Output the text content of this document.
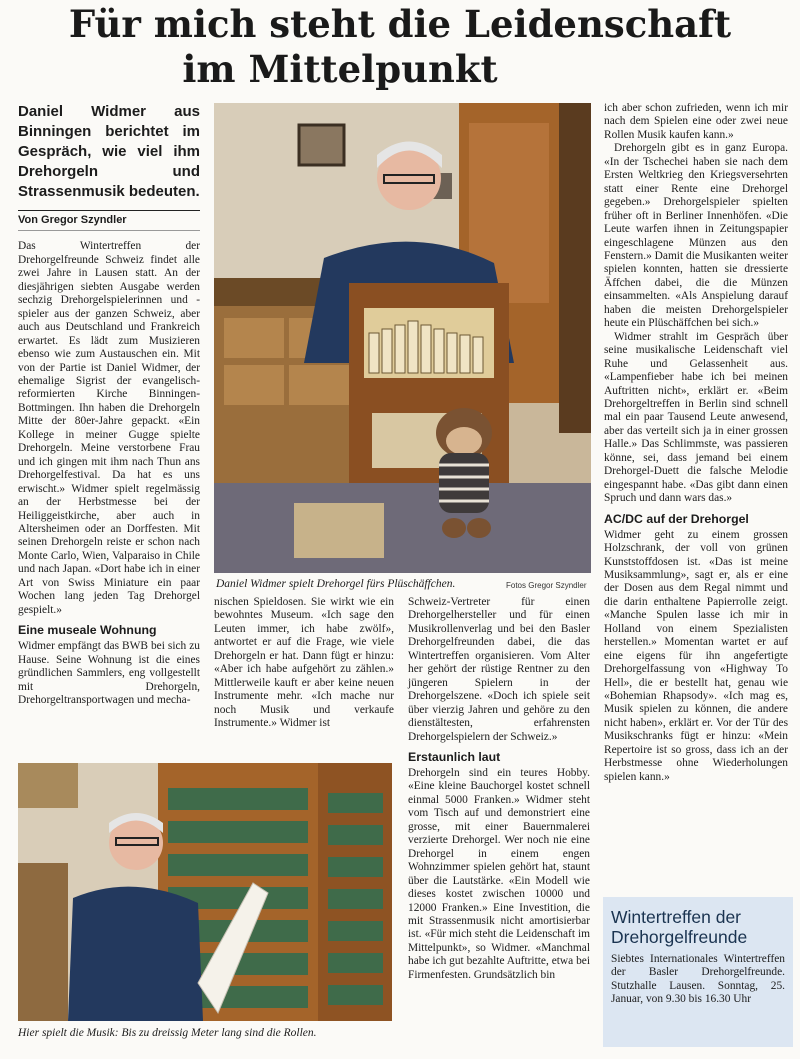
Für mich steht die Leidenschaft
im Mittelpunkt
Daniel Widmer aus Binningen berichtet im Gespräch, wie viel ihm Drehorgeln und Strassenmusik bedeuten.
Von Gregor Szyndler

Das Wintertreffen der Drehorgelfreunde Schweiz findet alle zwei Jahre in Lausen statt. An der diesjährigen siebten Ausgabe werden sechzig Drehorgelspielerinnen und -spieler aus der ganzen Schweiz, aber auch aus Deutschland und Frankreich erwartet. Es lädt zum Musizieren ebenso wie zum Austauschen ein. Mit von der Partie ist Daniel Widmer, der ehemalige Sigrist der evangelisch-reformierten Kirche Binningen-Bottmingen. Ihn haben die Drehorgeln Mitte der 80er-Jahre gepackt. «Ein Kollege in meiner Gugge spielte Drehorgeln. Meine verstorbene Frau und ich gingen mit ihm nach Thun ans Drehorgelfestival. Da hat es uns erwischt.» Widmer spielt regelmässig an der Herbstmesse bei der Heiliggeistkirche, aber auch in Altersheimen oder an Dorffesten. Mit seinen Drehorgeln reiste er schon nach Monte Carlo, Wien, Valparaiso in Chile und nach Japan. «Dort habe ich in einer Art von Swiss Miniature ein paar Wochen lang jeden Tag Drehorgel gespielt.»

Eine museale Wohnung

Widmer empfängt das BWB bei sich zu Hause. Seine Wohnung ist die eines gründlichen Sammlers, eng vollgestellt mit Drehorgeln, Drehorgeltransportwagen und mecha-

Daniel Widmer spielt Drehorgel fürs Plüschäffchen.	Fotos Gregor Szyndler

nischen Spieldosen. Sie wirkt wie ein bewohntes Museum. «Ich sage den Leuten immer, ich habe zwölf», antwortet er auf die Frage, wie viele Drehorgeln er hat. Dann fügt er hinzu: «Aber ich habe aufgehört zu zählen.» Mittlerweile kauft er aber keine neuen Instrumente mehr. «Ich mache nur noch Musik und verkaufe Instrumente.» Widmer ist

Schweiz-Vertreter für einen Drehorgelhersteller und für einen Musikrollenverlag und bei den Basler Drehorgelfreunden dabei, die das Wintertreffen organisieren. Vom Alter her gehört der rüstige Rentner zu den jüngeren Spielern in der Drehorgelszene. «Doch ich spiele seit über vierzig Jahren und gehöre zu den dienstältesten, erfahrensten Drehorgelspielern der Schweiz.»

Erstaunlich laut

Drehorgeln sind ein teures Hobby. «Eine kleine Bauchorgel kostet schnell einmal 5000 Franken.» Widmer steht vom Tisch auf und demonstriert eine grosse, mit einer Bauernmalerei verzierte Drehorgel. Wer noch nie eine Drehorgel in einem engen Wohnzimmer spielen gehört hat, staunt über die Lautstärke. «Ein Modell wie dieses kostet zwischen 10000 und 12000 Franken.» Eine Investition, die mit Strassenmusik nicht amortisierbar ist. «Für mich steht die Leidenschaft im Mittelpunkt», so Widmer. «Manchmal habe ich gut bezahlte Auftritte, etwa bei Firmenfesten. Grundsätzlich bin

ich aber schon zufrieden, wenn ich mir nach dem Spielen eine oder zwei neue Rollen Musik kaufen kann.»

Drehorgeln gibt es in ganz Europa. «In der Tschechei haben sie nach dem Ersten Weltkrieg den Kriegsversehrten statt einer Rente eine Drehorgel gegeben.» Drehorgelspieler spielten früher oft in Berliner Innenhöfen. «Die Leute warfen ihnen in Zeitungspapier eingeschlagene Münzen aus den Fenstern.» Damit die Musikanten weiter spielen konnten, hatten sie dressierte Äffchen dabei, die die Münzen einsammelten. «Als Anspielung darauf haben die meisten Drehorgelspieler heute ein Plüschäffchen bei sich.»

Widmer strahlt im Gespräch über seine musikalische Leidenschaft viel Ruhe und Gelassenheit aus. «Lampenfieber habe ich bei meinen Auftritten nicht», erklärt er. «Beim Drehorgeltreffen in Berlin sind schnell mal ein paar Tausend Leute anwesend, aber das verteilt sich ja in einer grossen Halle.» Das Schlimmste, was passieren könne, sei, dass jemand bei einem Drehorgel-Duett die falsche Melodie eingespannt habe. «Das gibt dann einen Spruch und dann wars das.»

AC/DC auf der Drehorgel

Widmer geht zu einem grossen Holzschrank, der voll von grünen Kunststoffdosen ist. «Das ist meine Musiksammlung», sagt er, als er eine der Dosen aus dem Regal nimmt und die darin enthaltene Papierrolle zeigt. «Manche Spulen lasse ich mir in Holland von einem Spezialisten herstellen.» Momentan wartet er auf eine eigens für ihn angefertigte Drehorgelfassung von «Highway To Hell», die er bestellt hat, genau wie «Bohemian Rhapsody». «Ich mag es, Musik spielen zu können, die andere nicht haben», erklärt er. Vor der Tür des Musikschranks fügt er hinzu: «Mein Repertoire ist so gross, dass ich an der Herbstmesse ohne Wiederholungen spielen kann.»

Hier spielt die Musik: Bis zu dreissig Meter lang sind die Rollen.
Wintertreffen der Drehorgelfreunde
Siebtes Internationales Wintertreffen der Basler Drehorgelfreunde. Stutzhalle Lausen. Sonntag, 25. Januar, von 9.30 bis 16.30 Uhr
